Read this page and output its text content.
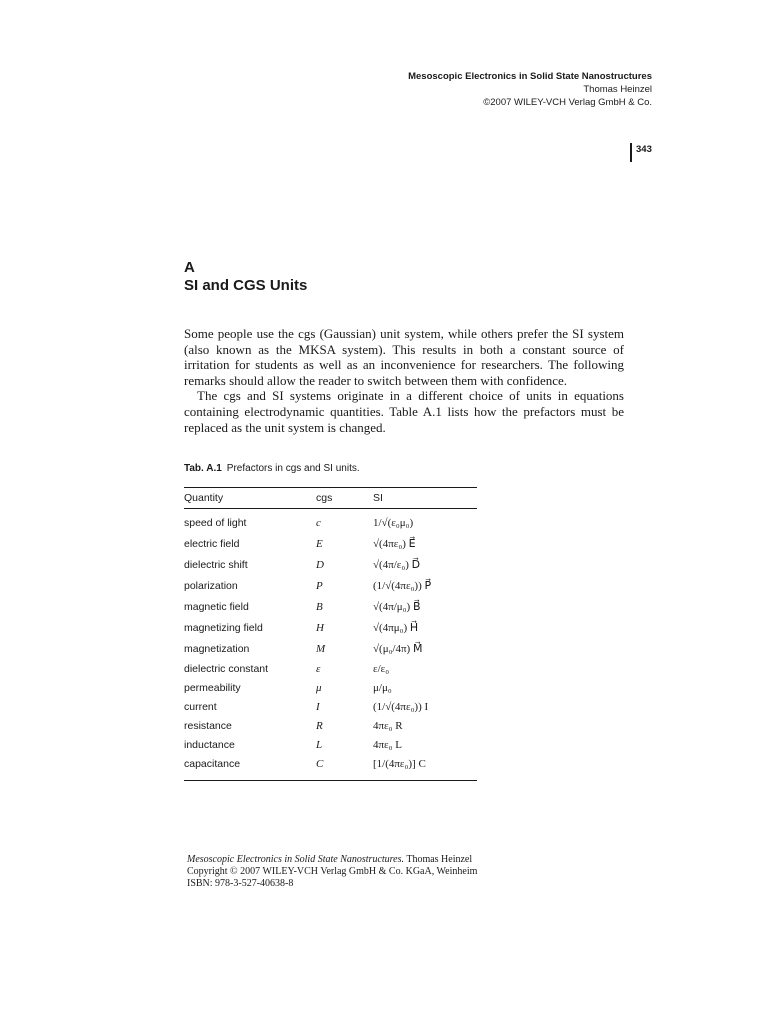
Mesoscopic Electronics in Solid State Nanostructures
Thomas Heinzel
©2007 WILEY-VCH Verlag GmbH & Co.
343
A
SI and CGS Units

Some people use the cgs (Gaussian) unit system, while others prefer the SI system (also known as the MKSA system). This results in both a constant source of irritation for students as well as an inconvenience for researchers. The following remarks should allow the reader to switch between them with confidence.

The cgs and SI systems originate in a different choice of units in equations containing electrodynamic quantities. Table A.1 lists how the prefactors must be replaced as the unit system is changed.

Tab. A.1 Prefactors in cgs and SI units.
Quantity	cgs	SI
speed of light	c	1/√(ε₀μ₀)
electric field	E⃗	√(4πε₀) E⃗
dielectric shift	D⃗	√(4π/ε₀) D⃗
polarization	P⃗	(1/√(4πε₀)) P⃗
magnetic field	B⃗	√(4π/μ₀) B⃗
magnetizing field	H⃗	√(4πμ₀) H⃗
magnetization	M⃗	√(μ₀/4π) M⃗
dielectric constant	ε	ε/ε₀
permeability	μ	μ/μ₀
current	I	(1/√(4πε₀)) I
resistance	R	4πε₀ R
inductance	L	4πε₀ L
capacitance	C	[1/(4πε₀)] C
Mesoscopic Electronics in Solid State Nanostructures. Thomas Heinzel
Copyright © 2007 WILEY-VCH Verlag GmbH & Co. KGaA, Weinheim
ISBN: 978-3-527-40638-8
